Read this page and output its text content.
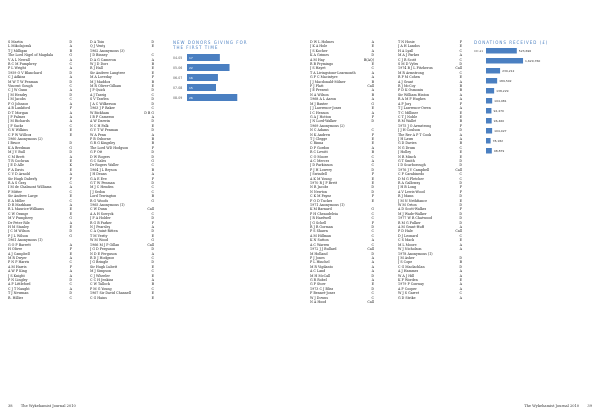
S Martin	D
L Mikolajczuk	A
T J Milligan	B
The Lord Nigel of Magdala	G
V A L Newall	A
R C M Pumphrey	C
P L Wright	A
1959 O V Blanchard	D
C J Adkins	A
M W T W Penman	D
Vincent Gough	C
C J W Gunn	A
J M Hendry	D
I M Jacobs	C
F O Johnson	A
A B Lankford	F
D T Morgan	A
J P Palmer	A
J M Richards	A
J F Sacks	C
G N Wilkins	E
C P W Willcox	E
1960 Anonymous (2)
I Bruce	D
K A Bredman	G
M J V Bull	D
C M Brett	A
T R Cochran	E
J E D Alle	K
F A Davis	E
C V D Arnold	A
Sir Hugh Daberly	F
R A S Gray	C
I M de Chalmont Williams	A
F Mitter	C
Sir Andrew Large	E
E A Miller	C
D R Markham	A
R L Maurice-Williams	E
C W Orange	E
M V Pumphrey	G
Dr Peter Rile	A
H M Stanley	E
J C M Wilson	D
P J L Wilson	G
1961 Anonymous (1)
G O P Barrett	A
H Oliver	F
A J Campbell	E
M R Dwyer	A
P N P Harris	C
A M Harris	F
A W P King	A
J S Knight	A
P N Lingley	D
A P Littleford	C
C J T Naught	A
T J Newman	D
R. Hillier	C
D A Toin	D
Q J Venty	E
1962 Anonymous (3)
J D Binney	C
D A G Cameron	A
W J D Dorr	B
R J Hall	E
Sir Andrew Langtree	E
M A Loveday	F
M J Maddox	B
M R Oliver-Gilham	E
J P Quick	D
A J Tarzig	C
S V Tawlen	D
J A C Wilkerson	D
1963 J P Baker	C
W Bickham	D B G
I B P Cameron	A
A W Darwin	D
N C H Falk	E
G V T W Penman	D
W A Penn	A
P B Osborne	B
G R G Kingsley	B
The Lord WD Hodgson	F
G P Ott	D
D W Rogers	D
G C Sales	G
Dr Rogers Waller	C
1964 J L Bryson	B
J H Deans	A
G A E Eve	F
G T W Penman	D
M J C Henden	C
J J Sedon	C
Lord Tewington	B
R G Woods	G
1965 Anonymous (1)
C W Dunn	Call
A A H Sowyck	C
J F A Holder	D
R G B Parker	F
N J Pearsley	A
C A Quint-Ritten	D
T M Verity	E
W M Wood	G
1966 M J P Gillan	Call
J G D Ferguson	D
N D E Ferguson	A
R D J Hodgson	C
J G Bringle	D
Sir Hugh Lubett	E
M J Simpson	C
C J Wheeler	E
C C H Jenkins	A
C W Tallock	B
P M G Young	C
1967 Sir David Channell	E
C G Hains	E
D W L Holmes	A
J K A Hole	E
J S Kocher	A
K A Grimes	D
A M Hay	B(AQ)
R B Frymingo	E
J S Hayet	C
T A Livingstone-Learmonth	A
G P C Macintyre	A
J J Macdonald-Milner	B
P J Platt	Call
J E Present	A
N A Wilson	B
1968 A L Aaron	A
M J Baxter	G
J J Lawrence-Jones	E
I C Henson	A
G A J Hotton	F
J N Lord-Walker	D
1969 Anonymous (2)
N C Adams	C
N K Andrew	F
T J Clegge	E
C Rinna	E
D P Gordon	A
R C Lewitt	B
C O Moore	C
A C Mercer	A
J D Parkinson	C
P J H Lowery	D
J Swindell	F
A K M Young	E
1970 R J P Brett	E
N R Jacobs	D
N Newton	D
C K M Payne	F
F O D Tucker	E
1971 Anonymous (1)
K M Barnard	G
P H Cheaudeleia	C
J R Hardwell	C
J G Schell	F
R J R Gorman	D
P S Shawn	C
A M Hillman	C
K N Sutton	A
A C Warren	C
1972 J J Bullard	Call
M Holland	D
P J Jones	A
P L Hinchel	A
M R Vigilanto	A
A C Land	A
M H McCall	D
G R Robel	A
G P Storr	E
1973 C J Bliss	D
F Bennet-Jones	C
W J Downs	C
N A Hood	Call
T N Hosie	F
J A H Landos	E
H A Lyall	C
M A J Parker	A
C J R Scott	C
S M D Vyles	D
1974 B J L Fitzheron	Call
M R Armstrong	C
R P M Cohen	E
A J Grant	A
R J McCoy	B
P D K Osmonix	B
Sir William Hinton	A
R A M F Hughes	A
A P Jory	F
T J Lawrence-Owen	A
T C Milliner	E
C T J Noble	E
R M Wallet	B
1975 J O Armstrong	F
J J H Coulson	D
The Rev A P T Cook	A
J H Lawn	A
G D Davies	B
N G Drum	C
J Holley	E
N R Minch	E
G T Smith	D
I D Scarborough	D
1976 J V Campbell	Call
C P Carabinedo	C
D M G Fletcher	C
R A Galloway	D
J H B Long	F
A V Lewis-Wood	F
R J Mann	D
J M N Nethfiance	E
W M Orton	D
A D Scott-Walker	F
M J Wade-Walker	D
1977 W R Chatwood	D
R M G Fulker	D
A M Grant-Huff	A
P D Hale	Call
D J Leonard	C
C S Mack	E
M L Moore	A
W J Nicholson	A
1978 Anonymous (1)
J M Asher	D
J S Cope	B
C G Maclachlan	D
A J Hammer	A
W A J Hill	A
K F Worden	E
1979 P Conway	A
A P Cooper	A
W J S Garret	C
G D Strike	A
NEW DONORS GIVING FOR THE FIRST TIME
04-05 17
05-06 22
06-07 16
07-08 15
08-09 26
DONATIONS RECEIVED (£)
CD £1	523,696
1,629,760
239,212
189,502
138,229
104,981
92,470
96,460
104,027
78,182
98,879
38 The Wykehamist Journal 2010	The Wykehamist Journal 2010 39
